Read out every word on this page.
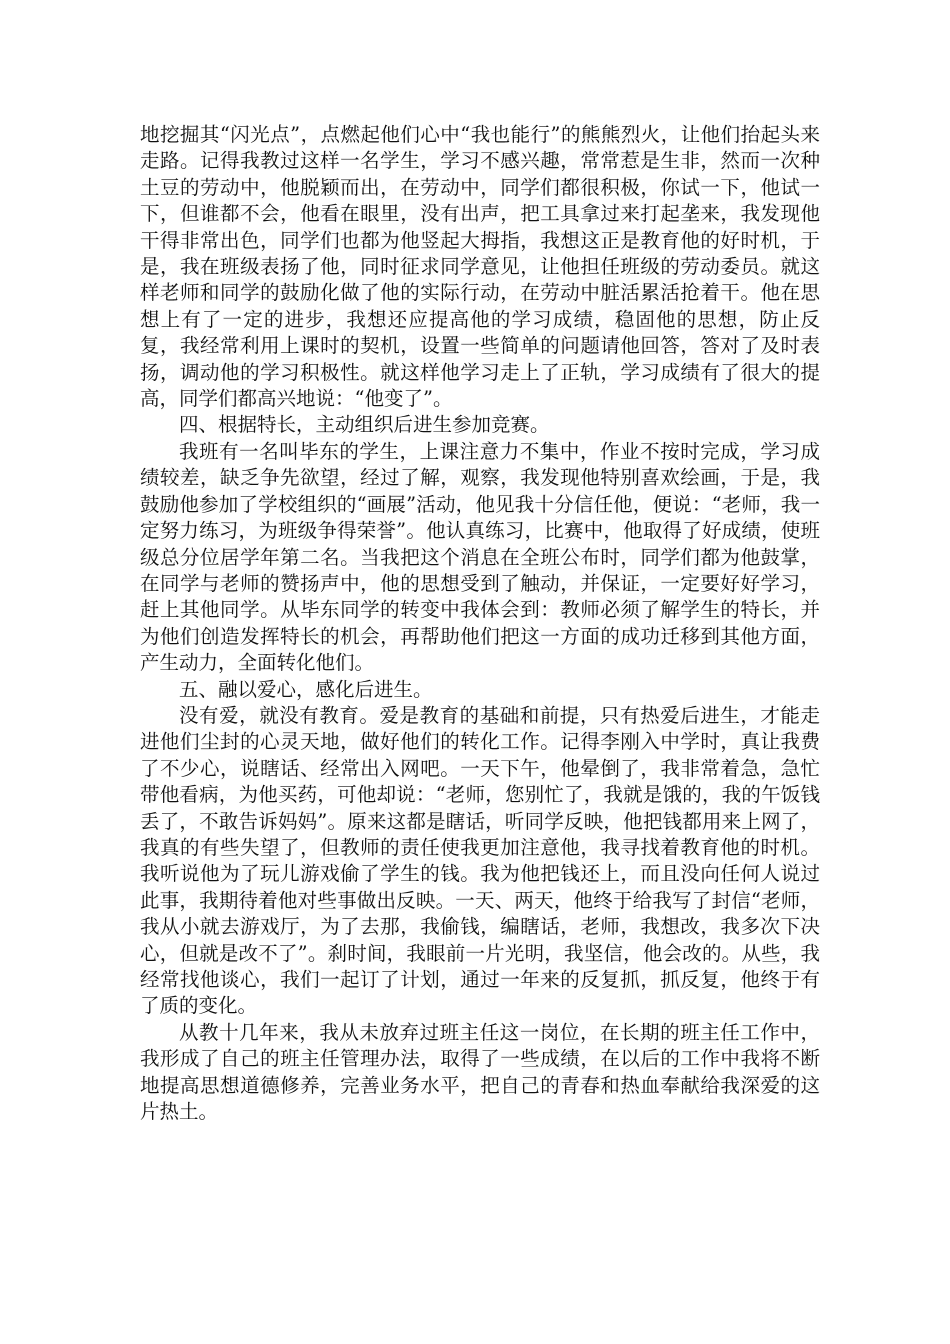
地挖掘其“闪光点”，点燃起他们心中“我也能行”的熊熊烈火，让他们抬起头来走路。记得我教过这样一名学生，学习不感兴趣，常常惹是生非，然而一次种土豆的劳动中，他脱颖而出，在劳动中，同学们都很积极，你试一下，他试一下，但谁都不会，他看在眼里，没有出声，把工具拿过来打起垄来，我发现他干得非常出色，同学们也都为他竖起大拇指，我想这正是教育他的好时机，于是，我在班级表扬了他，同时征求同学意见，让他担任班级的劳动委员。就这样老师和同学的鼓励化做了他的实际行动，在劳动中脏活累活抢着干。他在思想上有了一定的进步，我想还应提高他的学习成绩，稳固他的思想，防止反复，我经常利用上课时的契机，设置一些简单的问题请他回答，答对了及时表扬，调动他的学习积极性。就这样他学习走上了正轨，学习成绩有了很大的提高，同学们都高兴地说：“他变了”。

四、根据特长，主动组织后进生参加竞赛。

我班有一名叫毕东的学生，上课注意力不集中，作业不按时完成，学习成绩较差，缺乏争先欲望，经过了解，观察，我发现他特别喜欢绘画，于是，我鼓励他参加了学校组织的“画展”活动，他见我十分信任他，便说：“老师，我一定努力练习，为班级争得荣誉”。他认真练习，比赛中，他取得了好成绩，使班级总分位居学年第二名。当我把这个消息在全班公布时，同学们都为他鼓掌，在同学与老师的赞扬声中，他的思想受到了触动，并保证，一定要好好学习，赶上其他同学。从毕东同学的转变中我体会到：教师必须了解学生的特长，并为他们创造发挥特长的机会，再帮助他们把这一方面的成功迁移到其他方面，产生动力，全面转化他们。

五、融以爱心，感化后进生。

没有爱，就没有教育。爱是教育的基础和前提，只有热爱后进生，才能走进他们尘封的心灵天地，做好他们的转化工作。记得李刚入中学时，真让我费了不少心，说瞎话、经常出入网吧。一天下午，他晕倒了，我非常着急，急忙带他看病，为他买药，可他却说：“老师，您别忙了，我就是饿的，我的午饭钱丢了，不敢告诉妈妈”。原来这都是瞎话，听同学反映，他把钱都用来上网了，我真的有些失望了，但教师的责任使我更加注意他，我寻找着教育他的时机。我听说他为了玩儿游戏偷了学生的钱。我为他把钱还上，而且没向任何人说过此事，我期待着他对些事做出反映。一天、两天，他终于给我写了封信“老师，我从小就去游戏厅，为了去那，我偷钱，编瞎话，老师，我想改，我多次下决心，但就是改不了”。刹时间，我眼前一片光明，我坚信，他会改的。从些，我经常找他谈心，我们一起订了计划，通过一年来的反复抓，抓反复，他终于有了质的变化。

从教十几年来，我从未放弃过班主任这一岗位，在长期的班主任工作中，我形成了自己的班主任管理办法，取得了一些成绩，在以后的工作中我将不断地提高思想道德修养，完善业务水平，把自己的青春和热血奉献给我深爱的这片热土。
